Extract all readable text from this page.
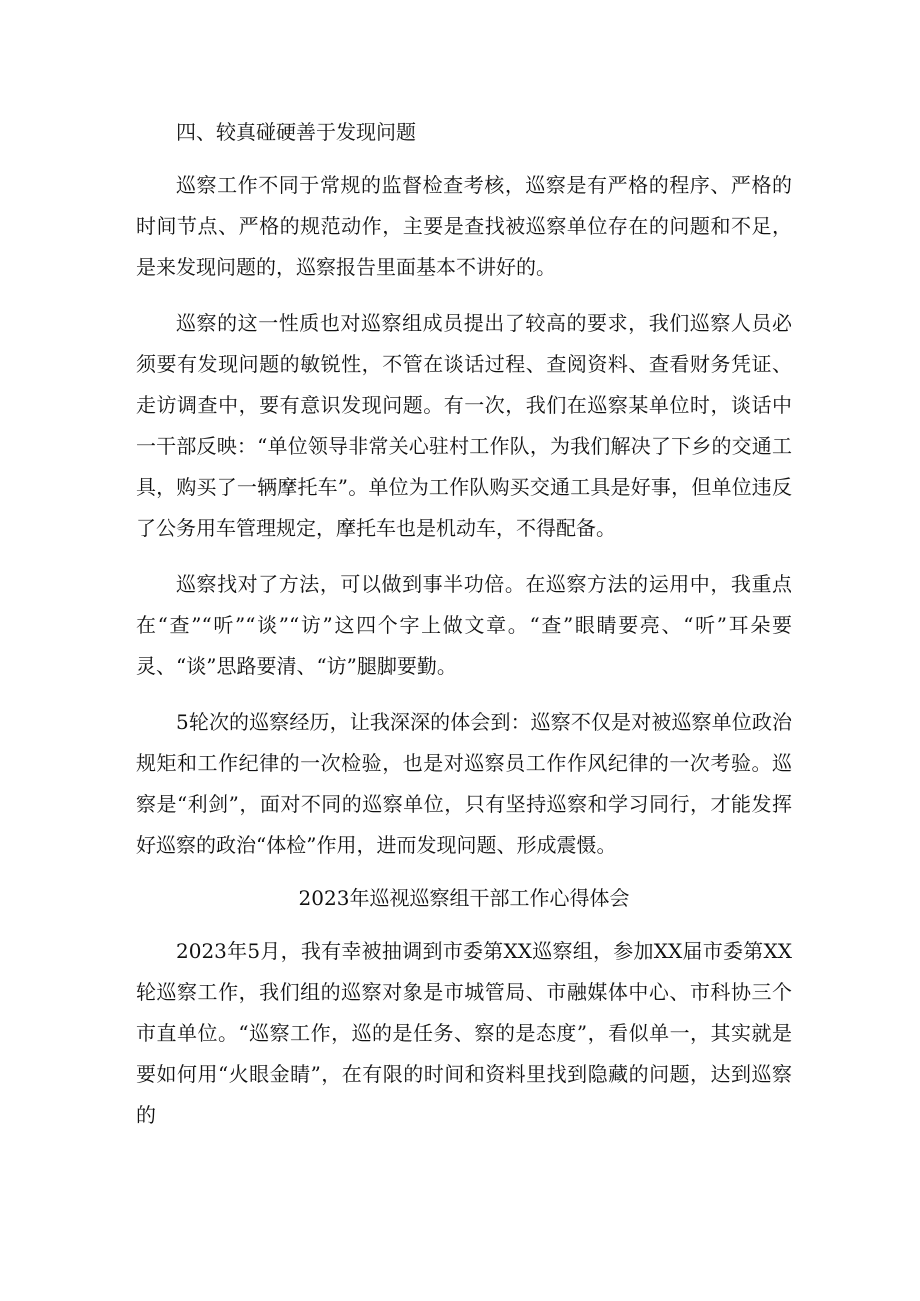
四、较真碰硬善于发现问题

巡察工作不同于常规的监督检查考核，巡察是有严格的程序、严格的时间节点、严格的规范动作，主要是查找被巡察单位存在的问题和不足，是来发现问题的，巡察报告里面基本不讲好的。

巡察的这一性质也对巡察组成员提出了较高的要求，我们巡察人员必须要有发现问题的敏锐性，不管在谈话过程、查阅资料、查看财务凭证、走访调查中，要有意识发现问题。有一次，我们在巡察某单位时，谈话中一干部反映：“单位领导非常关心驻村工作队，为我们解决了下乡的交通工具，购买了一辆摩托车”。单位为工作队购买交通工具是好事，但单位违反了公务用车管理规定，摩托车也是机动车，不得配备。

巡察找对了方法，可以做到事半功倍。在巡察方法的运用中，我重点在“查”“听”“谈”“访”这四个字上做文章。“查”眼睛要亮、“听”耳朵要灵、“谈”思路要清、“访”腿脚要勤。

5轮次的巡察经历，让我深深的体会到：巡察不仅是对被巡察单位政治规矩和工作纪律的一次检验，也是对巡察员工作作风纪律的一次考验。巡察是“利剑”，面对不同的巡察单位，只有坚持巡察和学习同行，才能发挥好巡察的政治“体检”作用，进而发现问题、形成震慑。

2023年巡视巡察组干部工作心得体会

2023年5月，我有幸被抽调到市委第XX巡察组，参加XX届市委第XX轮巡察工作，我们组的巡察对象是市城管局、市融媒体中心、市科协三个市直单位。“巡察工作，巡的是任务、察的是态度”，看似单一，其实就是要如何用“火眼金睛”，在有限的时间和资料里找到隐藏的问题，达到巡察的
